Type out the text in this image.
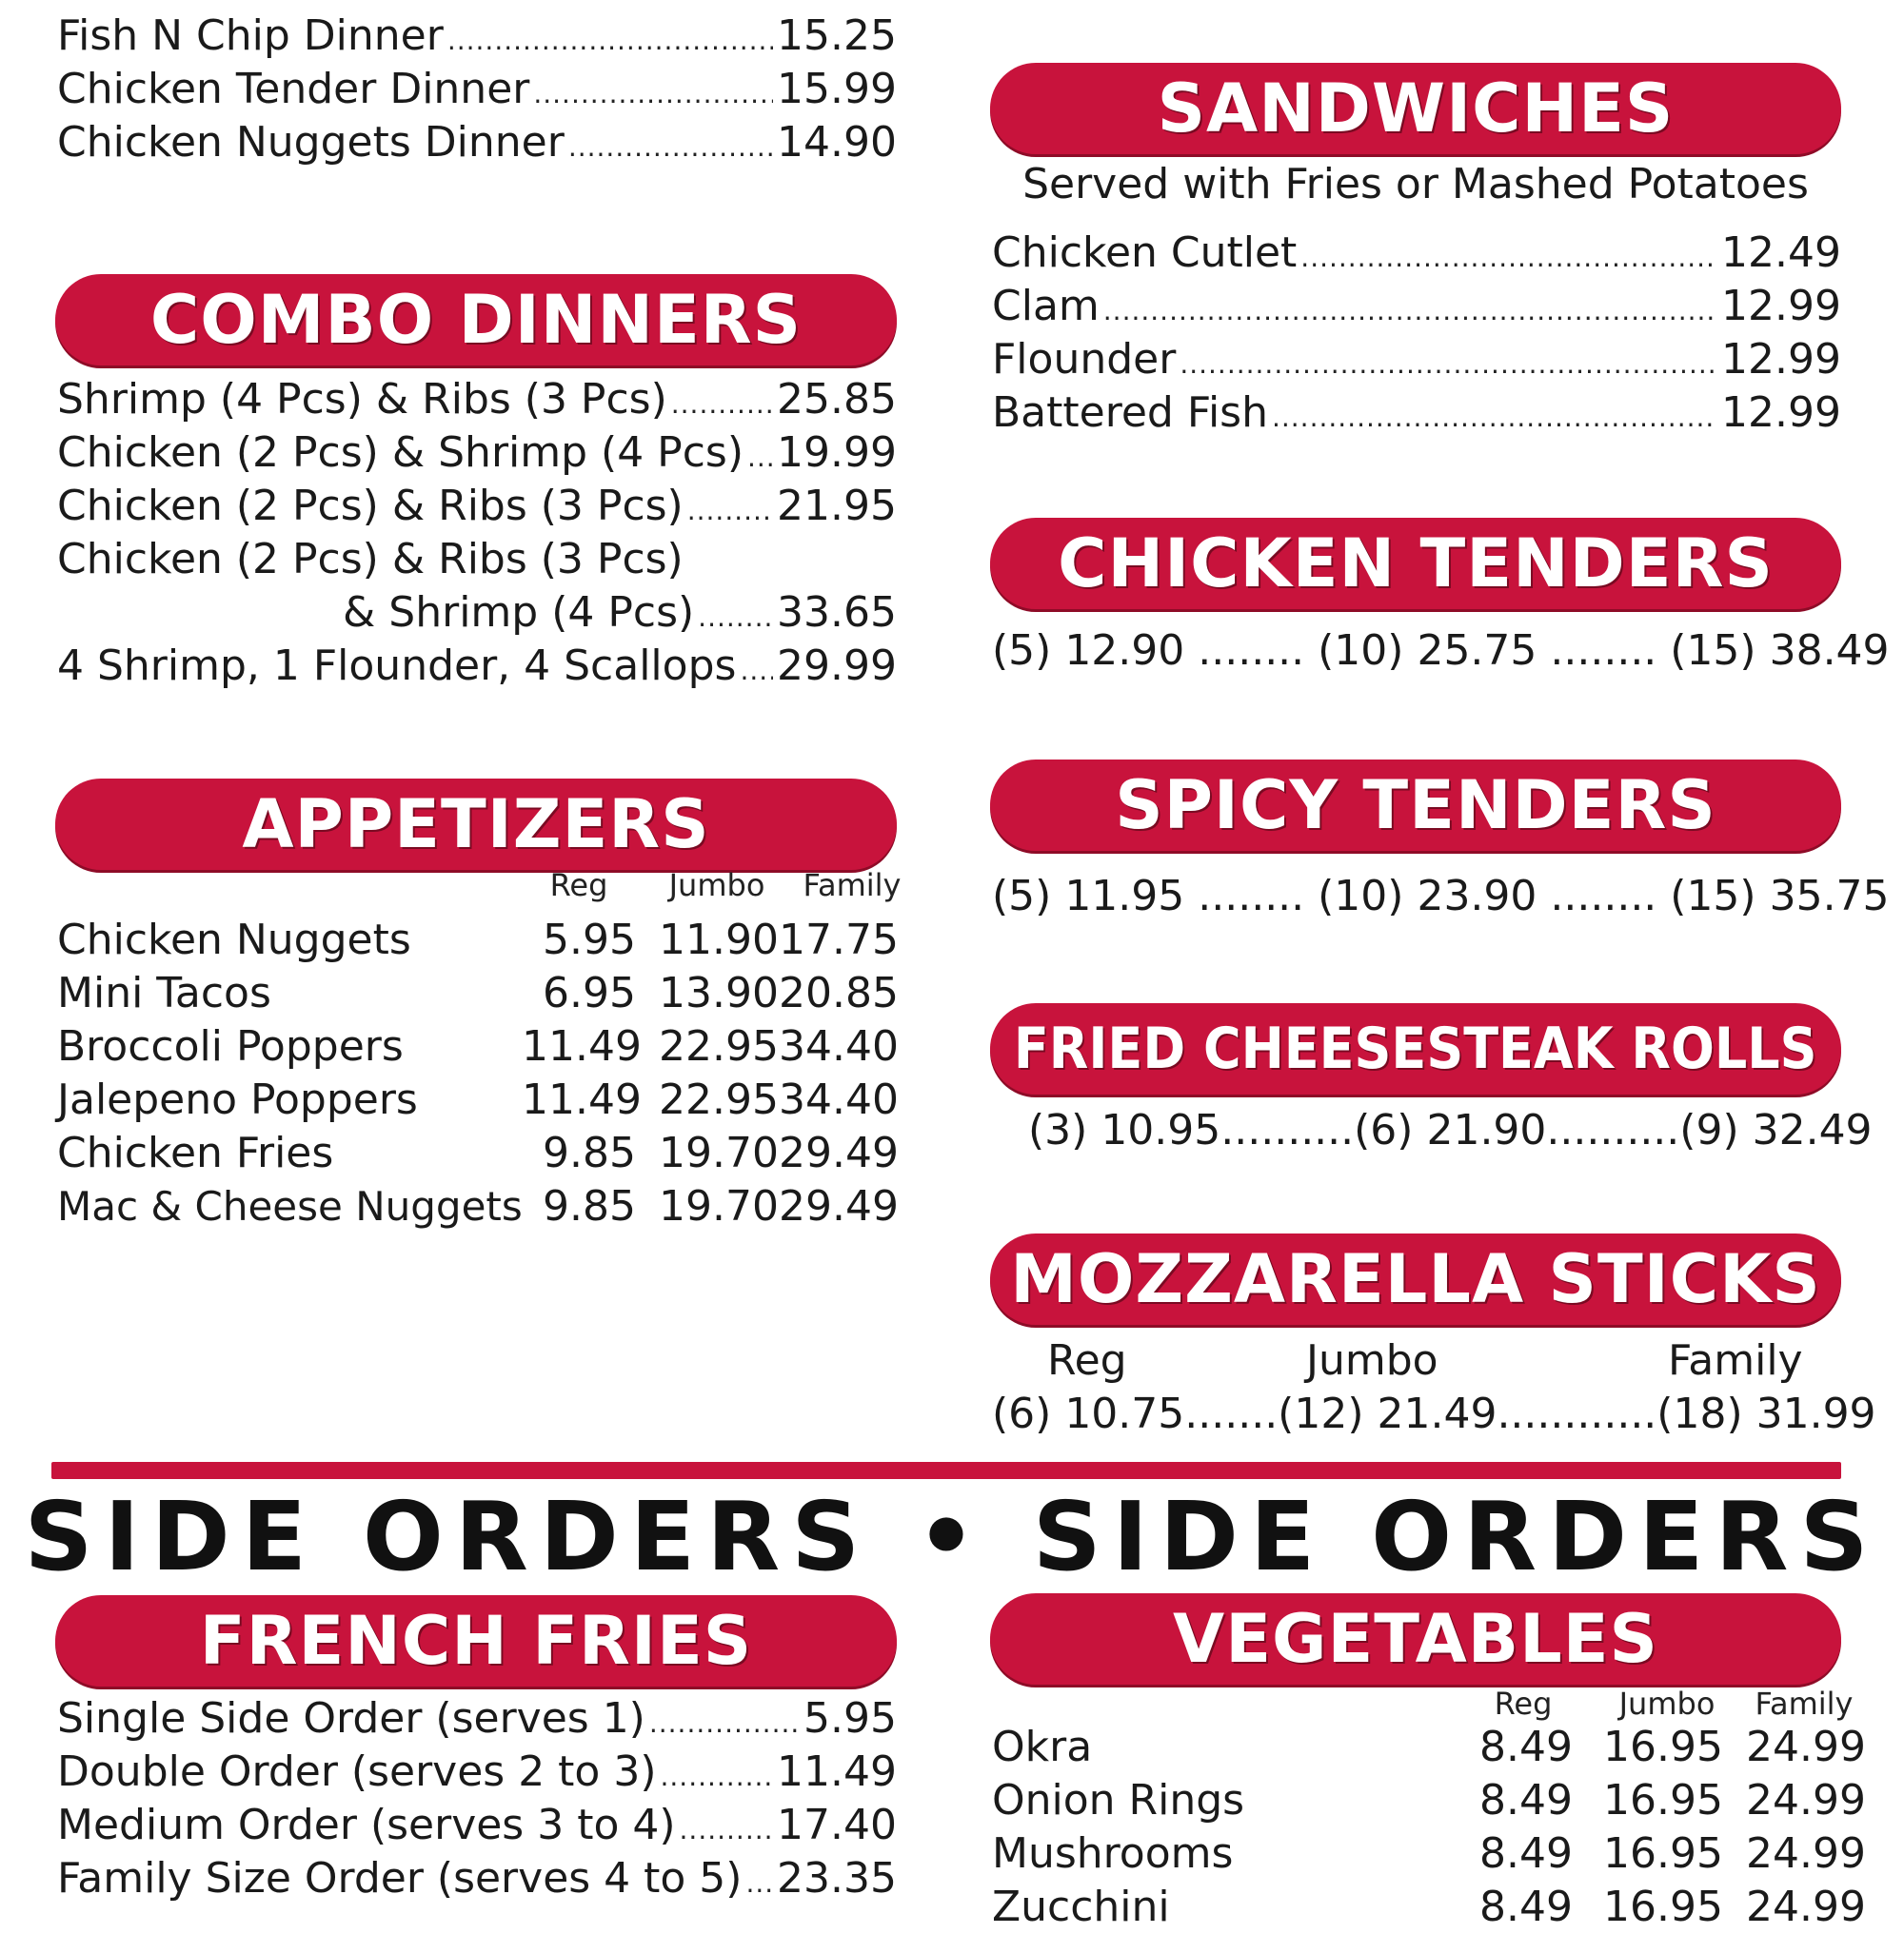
Fish N Chip Dinner .....	15.25
Chicken Tender Dinner .....	15.99
Chicken Nuggets Dinner .....	14.90
COMBO DINNERS
Shrimp (4 Pcs) & Ribs (3 Pcs) .....	25.85
Chicken (2 Pcs) & Shrimp (4 Pcs) ..... 19.99
Chicken (2 Pcs) & Ribs (3 Pcs) ..... 21.95
Chicken (2 Pcs) & Ribs (3 Pcs)
& Shrimp (4 Pcs) ..... 33.65
4 Shrimp, 1 Flounder, 4 Scallops ..... 29.99
APPETIZERS
Reg	Jumbo	Family
Chicken Nuggets	5.95 11.90 17.75
Mini Tacos	6.95 13.90 20.85
Broccoli Poppers	11.49 22.95 34.40
Jalepeno Poppers 11.49 22.95 34.40
Chicken Fries	9.85 19.70 29.49
Mac & Cheese Nuggets 9.85 19.70 29.49
FRENCH FRIES
Single Side Order (serves 1) .....	5.95
Double Order (serves 2 to 3) .....	11.49
Medium Order (serves 3 to 4) ..... 17.40
Family Size Order (serves 4 to 5) ..... 23.35
SANDWICHES
Served with Fries or Mashed Potatoes
Chicken Cutlet .....	12.49
Clam .....	12.99
Flounder .....	12.99
Battered Fish .....	12.99
CHICKEN TENDERS
(5) 12.90 ........ (10) 25.75 ........ (15) 38.49
SPICY TENDERS
(5) 11.95 ........ (10) 23.90 ........ (15) 35.75
FRIED CHEESESTEAK ROLLS
(3) 10.95..........(6) 21.90..........(9) 32.49
MOZZARELLA STICKS
Reg	Jumbo	Family
(6) 10.75.......(12) 21.49............(18) 31.99
VEGETABLES
Reg	Jumbo	Family
Okra	8.49 16.95 24.99
Onion Rings	8.49 16.95 24.99
Mushrooms	8.49 16.95 24.99
Zucchini	8.49 16.95 24.99
SIDE ORDERS • SIDE ORDERS
